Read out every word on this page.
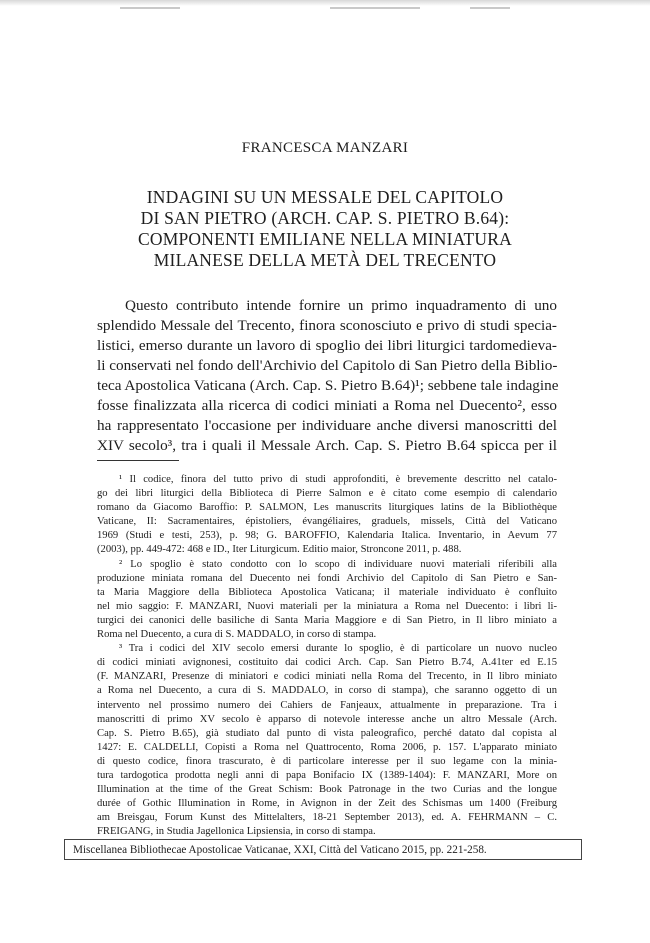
FRANCESCA MANZARI
INDAGINI SU UN MESSALE DEL CAPITOLO
DI SAN PIETRO (ARCH. CAP. S. PIETRO B.64):
COMPONENTI EMILIANE NELLA MINIATURA
MILANESE DELLA METÀ DEL TRECENTO
Questo contributo intende fornire un primo inquadramento di uno
splendido Messale del Trecento, finora sconosciuto e privo di studi specia-
listici, emerso durante un lavoro di spoglio dei libri liturgici tardomedieva-
li conservati nel fondo dell'Archivio del Capitolo di San Pietro della Biblio-
teca Apostolica Vaticana (Arch. Cap. S. Pietro B.64)¹; sebbene tale indagine
fosse finalizzata alla ricerca di codici miniati a Roma nel Duecento², esso
ha rappresentato l'occasione per individuare anche diversi manoscritti del
XIV secolo³, tra i quali il Messale Arch. Cap. S. Pietro B.64 spicca per il
¹ Il codice, finora del tutto privo di studi approfonditi, è brevemente descritto nel catalo-
go dei libri liturgici della Biblioteca di Pierre Salmon e è citato come esempio di calendario
romano da Giacomo Baroffio: P. SALMON, Les manuscrits liturgiques latins de la Bibliothèque
Vaticane, II: Sacramentaires, épistoliers, évangéliaires, graduels, missels, Città del Vaticano
1969 (Studi e testi, 253), p. 98; G. BAROFFIO, Kalendaria Italica. Inventario, in Aevum 77
(2003), pp. 449-472: 468 e ID., Iter Liturgicum. Editio maior, Stroncone 2011, p. 488.
² Lo spoglio è stato condotto con lo scopo di individuare nuovi materiali riferibili alla
produzione miniata romana del Duecento nei fondi Archivio del Capitolo di San Pietro e San-
ta Maria Maggiore della Biblioteca Apostolica Vaticana; il materiale individuato è confluito
nel mio saggio: F. MANZARI, Nuovi materiali per la miniatura a Roma nel Duecento: i libri li-
turgici dei canonici delle basiliche di Santa Maria Maggiore e di San Pietro, in Il libro miniato a
Roma nel Duecento, a cura di S. MADDALO, in corso di stampa.
³ Tra i codici del XIV secolo emersi durante lo spoglio, è di particolare un nuovo nucleo
di codici miniati avignonesi, costituito dai codici Arch. Cap. San Pietro B.74, A.41ter ed E.15
(F. MANZARI, Presenze di miniatori e codici miniati nella Roma del Trecento, in Il libro miniato
a Roma nel Duecento, a cura di S. MADDALO, in corso di stampa), che saranno oggetto di un
intervento nel prossimo numero dei Cahiers de Fanjeaux, attualmente in preparazione. Tra i
manoscritti di primo XV secolo è apparso di notevole interesse anche un altro Messale (Arch.
Cap. S. Pietro B.65), già studiato dal punto di vista paleografico, perché datato dal copista al
1427: E. CALDELLI, Copisti a Roma nel Quattrocento, Roma 2006, p. 157. L'apparato miniato
di questo codice, finora trascurato, è di particolare interesse per il suo legame con la minia-
tura tardogotica prodotta negli anni di papa Bonifacio IX (1389-1404): F. MANZARI, More on
Illumination at the time of the Great Schism: Book Patronage in the two Curias and the longue
durée of Gothic Illumination in Rome, in Avignon in der Zeit des Schismas um 1400 (Freiburg
am Breisgau, Forum Kunst des Mittelalters, 18-21 September 2013), ed. A. FEHRMANN – C.
FREIGANG, in Studia Jagellonica Lipsiensia, in corso di stampa.
Miscellanea Bibliothecae Apostolicae Vaticanae, XXI, Città del Vaticano 2015, pp. 221-258.
